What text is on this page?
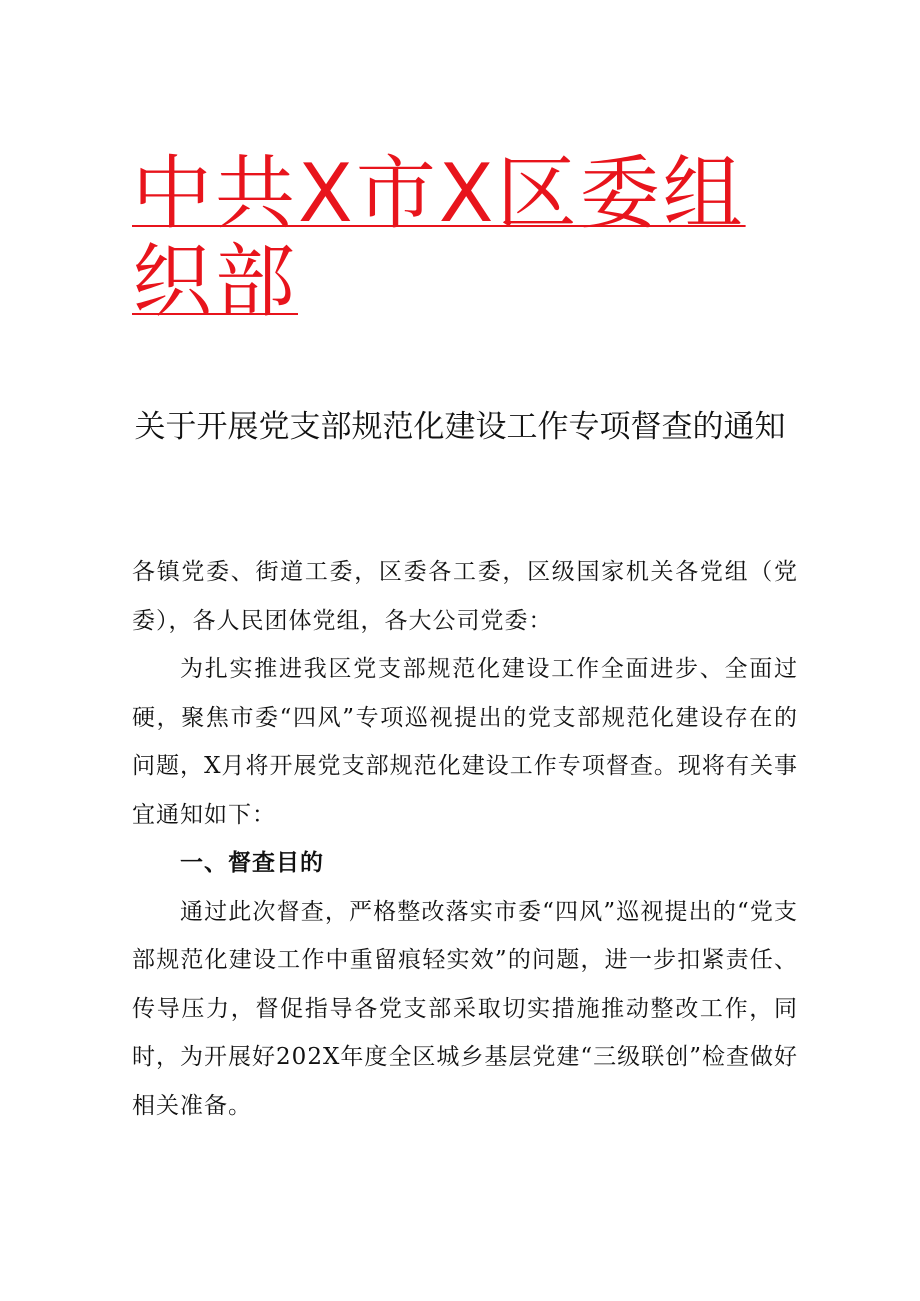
中共X市X区委组织部
关于开展党支部规范化建设工作专项督查的通知

各镇党委、街道工委，区委各工委，区级国家机关各党组（党委），各人民团体党组，各大公司党委：

为扎实推进我区党支部规范化建设工作全面进步、全面过硬，聚焦市委“四风”专项巡视提出的党支部规范化建设存在的问题，X月将开展党支部规范化建设工作专项督查。现将有关事宜通知如下：

一、督查目的

通过此次督查，严格整改落实市委“四风”巡视提出的“党支部规范化建设工作中重留痕轻实效”的问题，进一步扣紧责任、传导压力，督促指导各党支部采取切实措施推动整改工作，同时，为开展好202X年度全区城乡基层党建“三级联创”检查做好相关准备。
